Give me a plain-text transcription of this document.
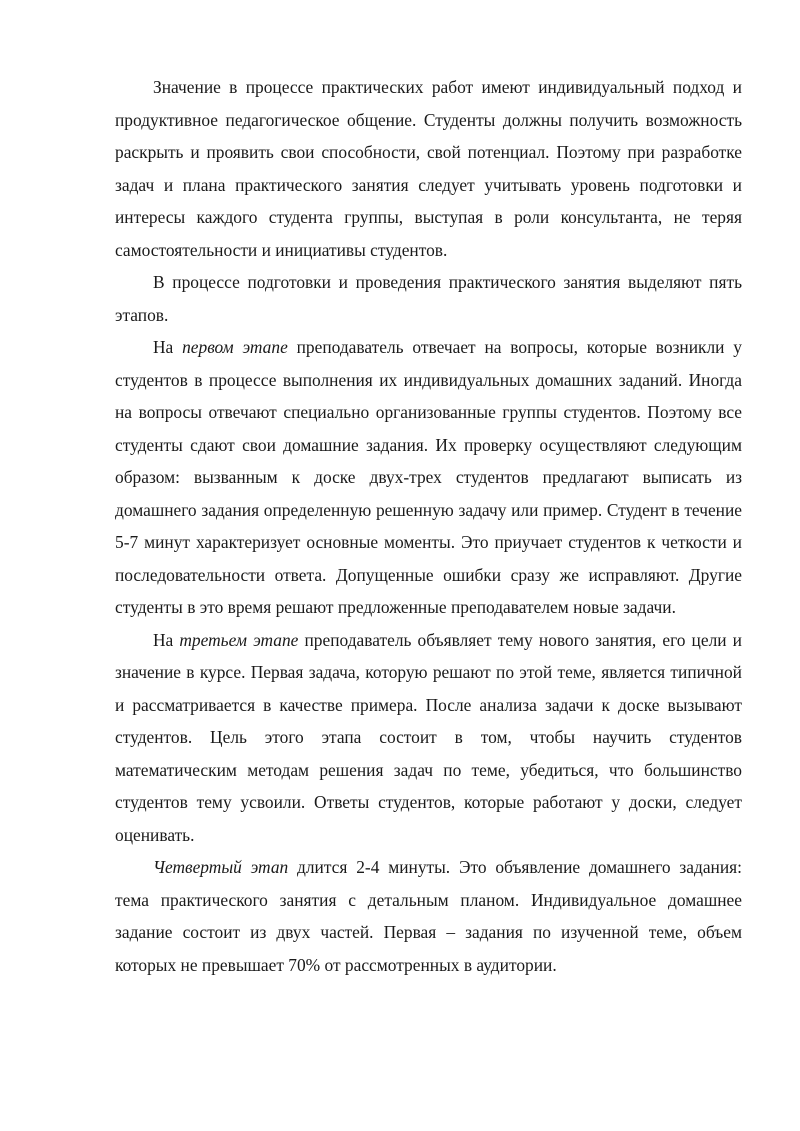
Значение в процессе практических работ имеют индивидуальный подход и продуктивное педагогическое общение. Студенты должны получить возможность раскрыть и проявить свои способности, свой потенциал. Поэтому при разработке задач и плана практического занятия следует учитывать уровень подготовки и интересы каждого студента группы, выступая в роли консультанта, не теряя самостоятельности и инициативы студентов.

В процессе подготовки и проведения практического занятия выделяют пять этапов.

На первом этапе преподаватель отвечает на вопросы, которые возникли у студентов в процессе выполнения их индивидуальных домашних заданий. Иногда на вопросы отвечают специально организованные группы студентов. Поэтому все студенты сдают свои домашние задания. Их проверку осуществляют следующим образом: вызванным к доске двух-трех студентов предлагают выписать из домашнего задания определенную решенную задачу или пример. Студент в течение 5-7 минут характеризует основные моменты. Это приучает студентов к четкости и последовательности ответа. Допущенные ошибки сразу же исправляют. Другие студенты в это время решают предложенные преподавателем новые задачи.

На третьем этапе преподаватель объявляет тему нового занятия, его цели и значение в курсе. Первая задача, которую решают по этой теме, является типичной и рассматривается в качестве примера. После анализа задачи к доске вызывают студентов. Цель этого этапа состоит в том, чтобы научить студентов математическим методам решения задач по теме, убедиться, что большинство студентов тему усвоили. Ответы студентов, которые работают у доски, следует оценивать.

Четвертый этап длится 2-4 минуты. Это объявление домашнего задания: тема практического занятия с детальным планом. Индивидуальное домашнее задание состоит из двух частей. Первая – задания по изученной теме, объем которых не превышает 70% от рассмотренных в аудитории.
